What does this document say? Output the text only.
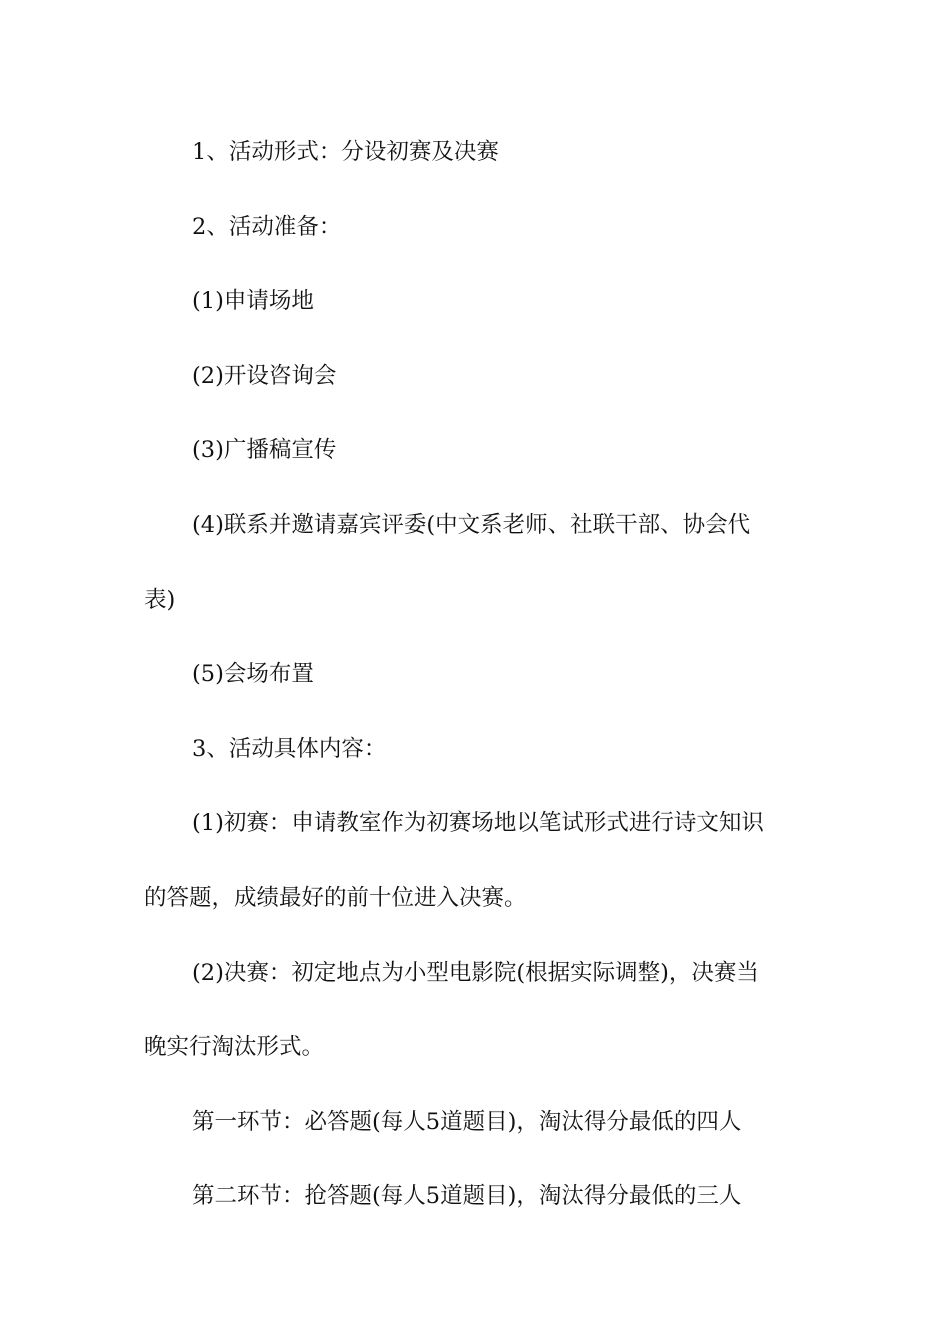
1、活动形式：分设初赛及决赛

2、活动准备：

(1)申请场地

(2)开设咨询会

(3)广播稿宣传

(4)联系并邀请嘉宾评委(中文系老师、社联干部、协会代

表)

(5)会场布置

3、活动具体内容：

(1)初赛：申请教室作为初赛场地以笔试形式进行诗文知识

的答题，成绩最好的前十位进入决赛。

(2)决赛：初定地点为小型电影院(根据实际调整)，决赛当

晚实行淘汰形式。

第一环节：必答题(每人5道题目)，淘汰得分最低的四人

第二环节：抢答题(每人5道题目)，淘汰得分最低的三人
